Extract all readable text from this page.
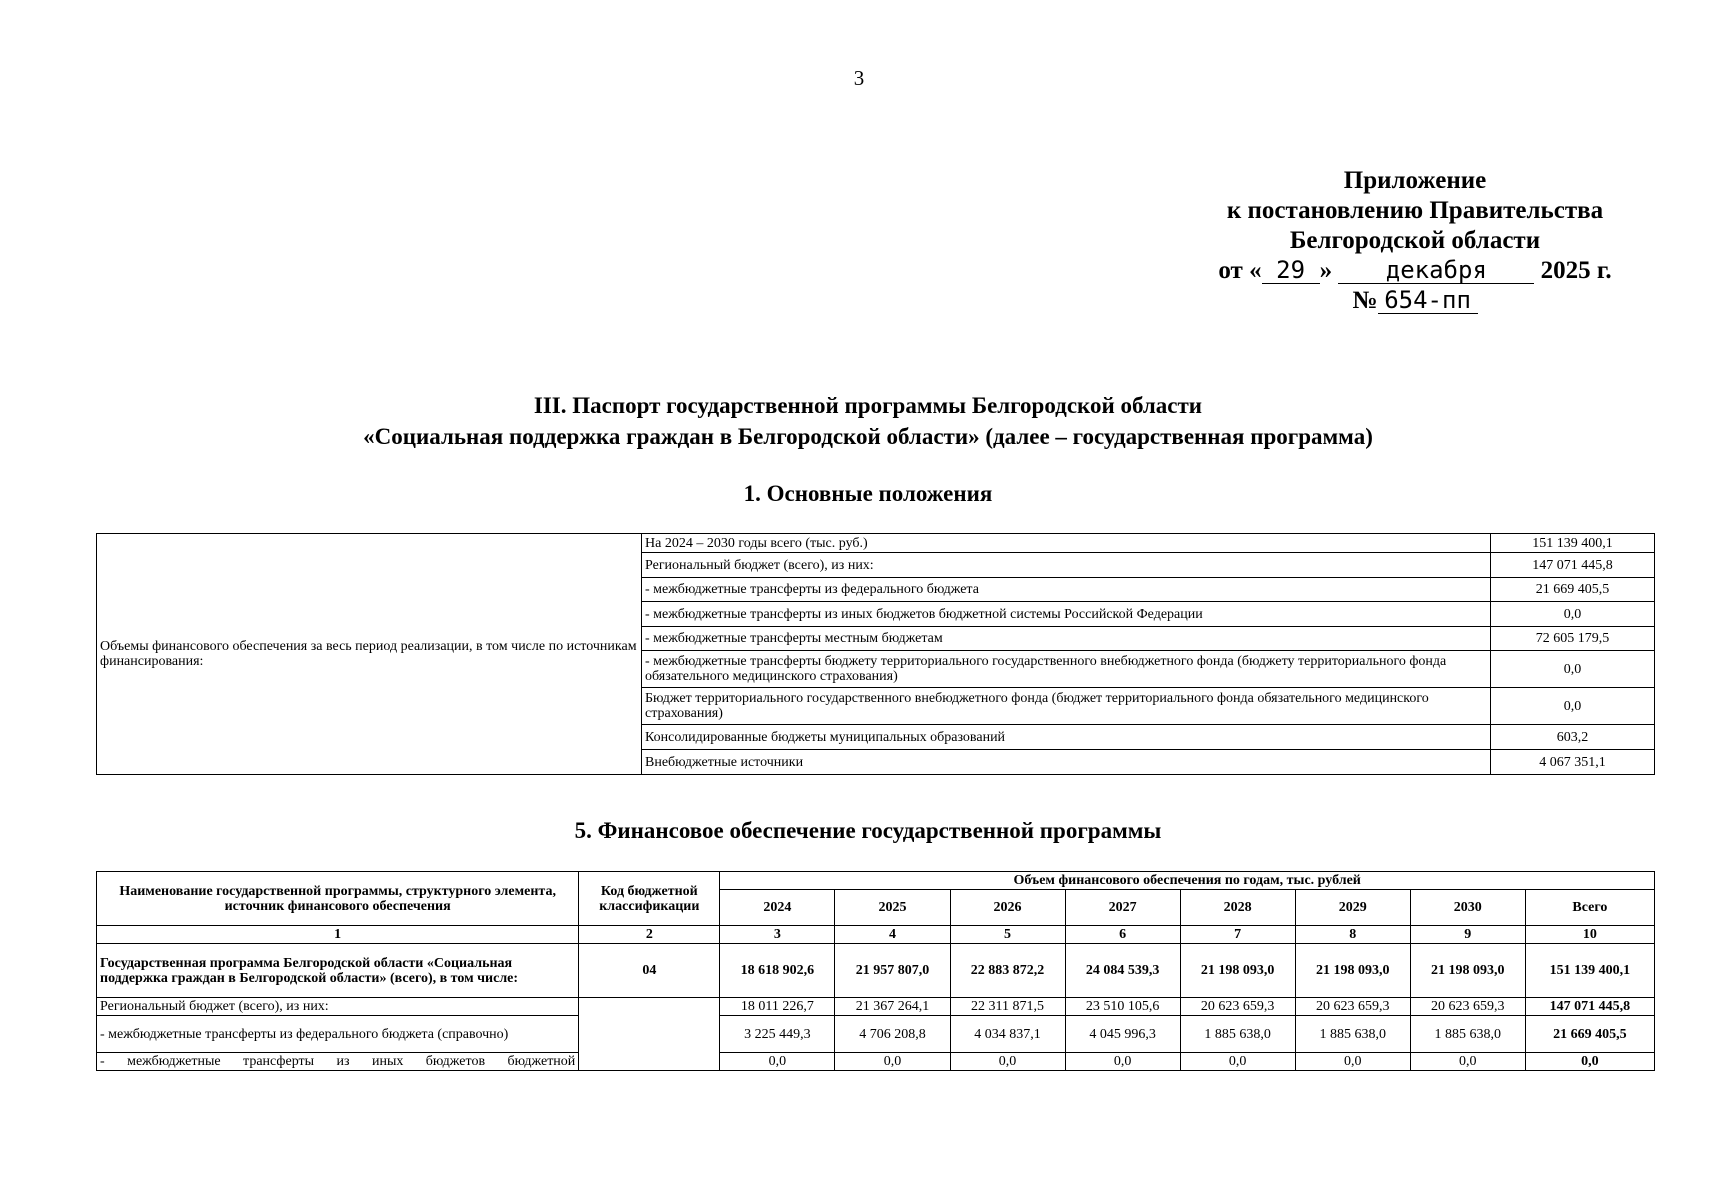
3
Приложение
к постановлению Правительства
Белгородской области
от « 29 » декабря 2025 г.
№ 654-пп
III. Паспорт государственной программы Белгородской области
«Социальная поддержка граждан в Белгородской области» (далее – государственная программа)
1. Основные положения
Объемы финансового обеспечения за весь период реализации, в том числе по источникам финансирования:	На 2024 – 2030 годы всего (тыс. руб.)	151 139 400,1
	Региональный бюджет (всего), из них:	147 071 445,8
	- межбюджетные трансферты из федерального бюджета	21 669 405,5
	- межбюджетные трансферты из иных бюджетов бюджетной системы Российской Федерации	0,0
	- межбюджетные трансферты местным бюджетам	72 605 179,5
	- межбюджетные трансферты бюджету территориального государственного внебюджетного фонда (бюджету территориального фонда обязательного медицинского страхования)	0,0
	Бюджет территориального государственного внебюджетного фонда (бюджет территориального фонда обязательного медицинского страхования)	0,0
	Консолидированные бюджеты муниципальных образований	603,2
	Внебюджетные источники	4 067 351,1
5. Финансовое обеспечение государственной программы
Наименование государственной программы, структурного элемента, источник финансового обеспечения	Код бюджетной классификации	Объем финансового обеспечения по годам, тыс. рублей							
		2024	2025	2026	2027	2028	2029	2030	Всего
1	2	3	4	5	6	7	8	9	10
Государственная программа Белгородской области «Социальная поддержка граждан в Белгородской области» (всего), в том числе:	04	18 618 902,6	21 957 807,0	22 883 872,2	24 084 539,3	21 198 093,0	21 198 093,0	21 198 093,0	151 139 400,1
Региональный бюджет (всего), из них:		18 011 226,7	21 367 264,1	22 311 871,5	23 510 105,6	20 623 659,3	20 623 659,3	20 623 659,3	147 071 445,8
- межбюджетные трансферты из федерального бюджета (справочно)		3 225 449,3	4 706 208,8	4 034 837,1	4 045 996,3	1 885 638,0	1 885 638,0	1 885 638,0	21 669 405,5
- межбюджетные трансферты из иных бюджетов бюджетной		0,0	0,0	0,0	0,0	0,0	0,0	0,0	0,0
